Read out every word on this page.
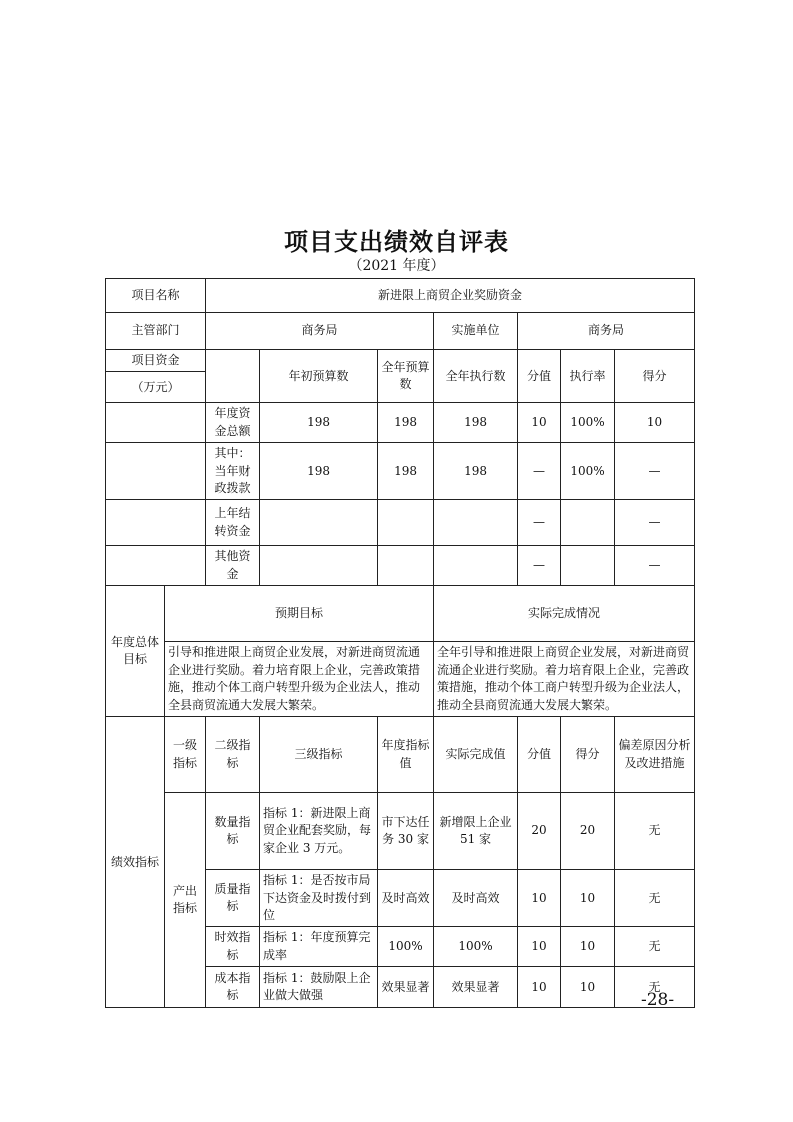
项目支出绩效自评表
（2021 年度）
项目名称		新进限上商贸企业奖励资金						
主管部门		商务局			实施单位	商务局		
项目资金			年初预算数	全年预算数	全年执行数	分值	执行率	得分
（万元）								
		年度资金总额	198	198	198	10	100%	10
		其中：当年财政拨款	198	198	198	—	100%	—
		上年结转资金				—		—
		其他资金				—		—
年度总体目标	预期目标				实际完成情况			
	引导和推进限上商贸企业发展，对新进商贸流通企业进行奖励。着力培育限上企业，完善政策措施，推动个体工商户转型升级为企业法人，推动全县商贸流通大发展大繁荣。				全年引导和推进限上商贸企业发展，对新进商贸流通企业进行奖励。着力培育限上企业，完善政策措施，推动个体工商户转型升级为企业法人，推动全县商贸流通大发展大繁荣。			
绩效指标	一级指标	二级指标	三级指标	年度指标值	实际完成值	分值	得分	偏差原因分析及改进措施
	产出指标	数量指标	指标 1：新进限上商贸企业配套奖励，每家企业 3 万元。	市下达任务 30 家	新增限上企业 51 家	20	20	无
		质量指标	指标 1：是否按市局下达资金及时拨付到位	及时高效	及时高效	10	10	无
		时效指标	指标 1：年度预算完成率	100%	100%	10	10	无
		成本指标	指标 1：鼓励限上企业做大做强	效果显著	效果显著	10	10	无
-28-
